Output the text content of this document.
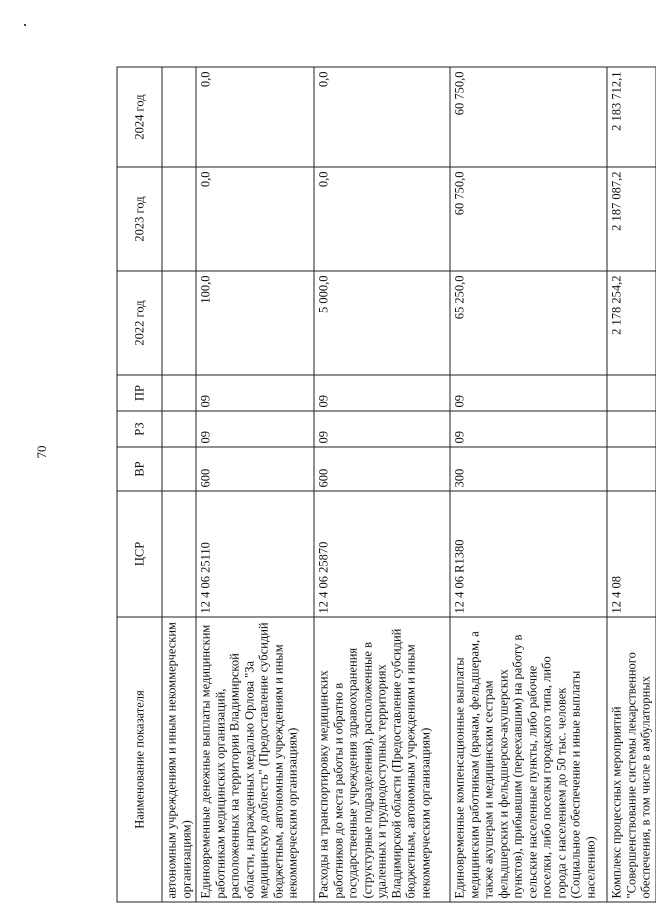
70
Наименование показателя	ЦСР	ВР	РЗ	ПР	2022 год	2023 год	2024 год
автономным учреждениям и иным некоммерческим организациям)							
Единовременные денежные выплаты медицинским работникам медицинских организаций, расположенных на территории Владимирской области, награжденных медалью Орлова "За медицинскую доблесть" (Предоставление субсидий бюджетным, автономным учреждениям и иным некоммерческим организациям)	12 4 06 25110	600	09	09	100,0	0,0	0,0
Расходы на транспортировку медицинских работников до места работы и обратно в государственные учреждения здравоохранения (структурные подразделения), расположенные в удаленных и труднодоступных территориях Владимирской области (Предоставление субсидий бюджетным, автономным учреждениям и иным некоммерческим организациям)	12 4 06 25870	600	09	09	5 000,0	0,0	0,0
Единовременные компенсационные выплаты медицинским работникам (врачам, фельдшерам, а также акушерам и медицинским сестрам фельдшерских и фельдшерско-акушерских пунктов), прибывшим (переехавшим) на работу в сельские населенные пункты, либо рабочие поселки, либо поселки городского типа, либо города с населением до 50 тыс. человек (Социальное обеспечение и иные выплаты населению)	12 4 06 R1380	300	09	09	65 250,0	60 750,0	60 750,0
Комплекс процессных мероприятий "Совершенствование системы лекарственного обеспечения, в том числе в амбулаторных	12 4 08				2 178 254,2	2 187 087,2	2 183 712,1
